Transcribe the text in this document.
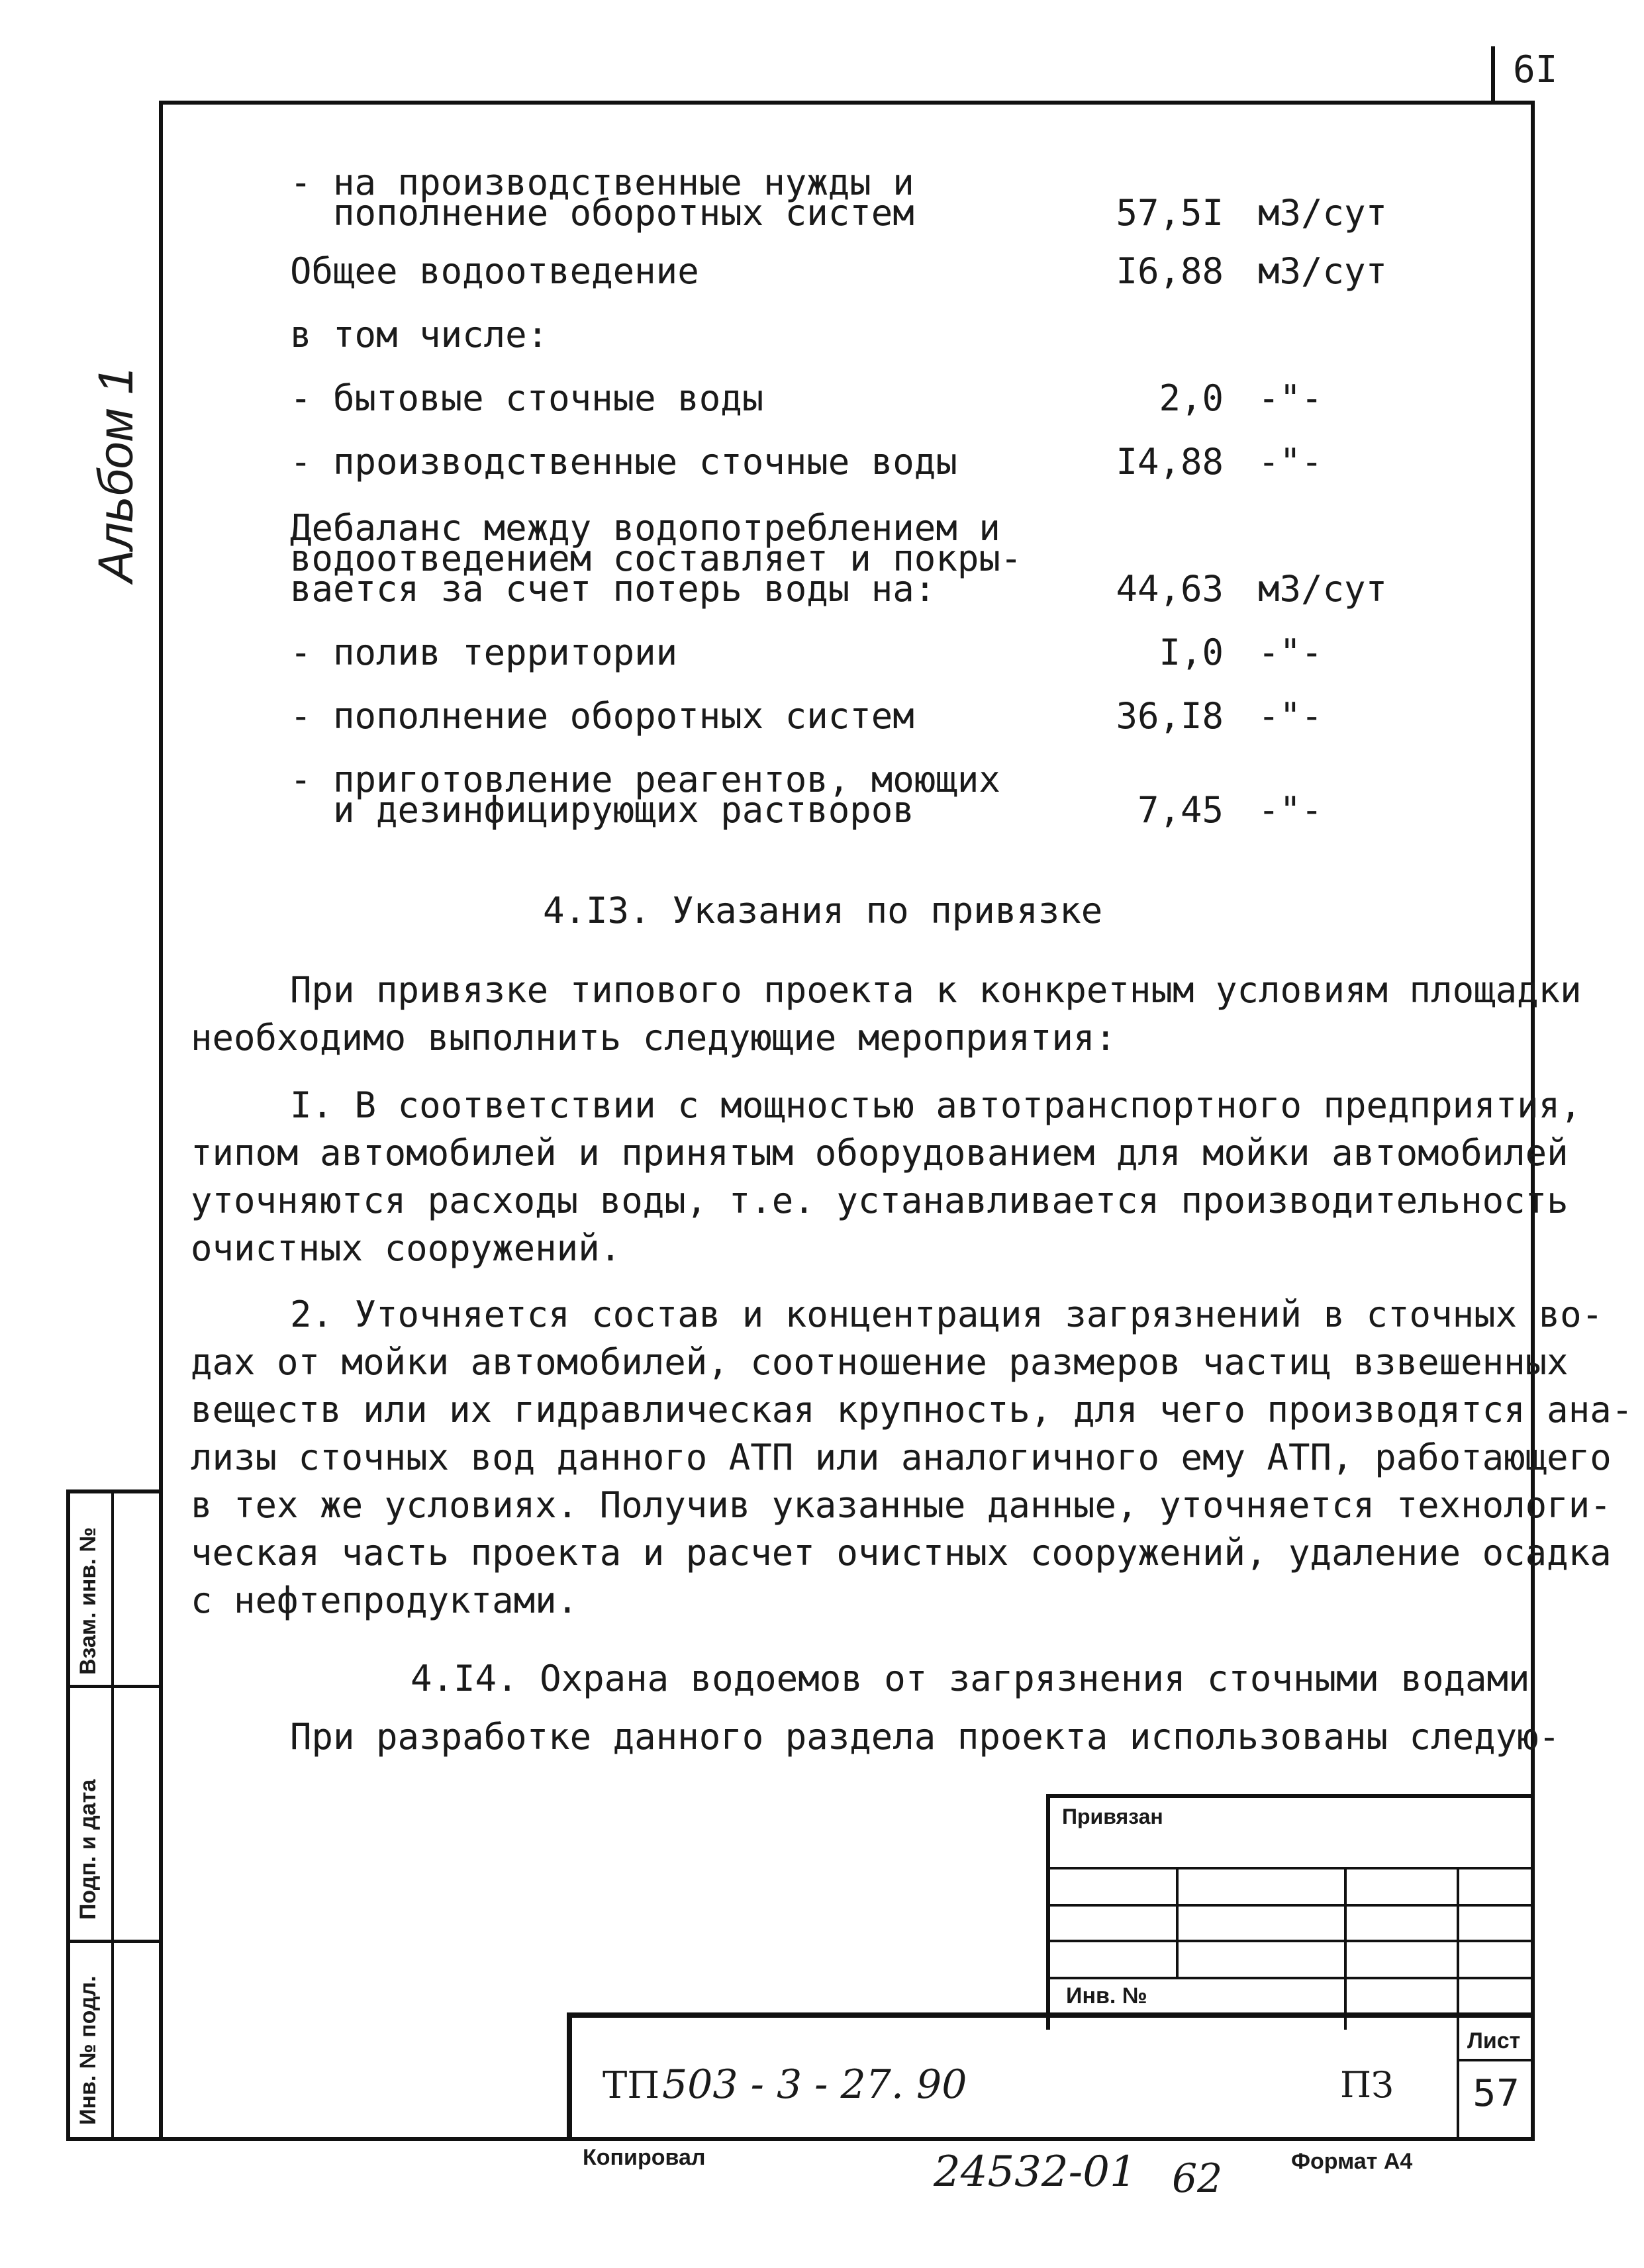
6I
Альбом 1
- на производственные нужды и
пополнение оборотных систем	57,5I м3/сут
Общее водоотведение	I6,88 м3/сут
в том числе:
- бытовые сточные воды	2,0 -"-
- производственные сточные воды	I4,88 -"-
Дебаланс между водопотреблением и
водоотведением составляет и покры-
вается за счет потерь воды на:	44,63 м3/сут
- полив территории	I,0 -"-
- пополнение оборотных систем	36,I8 -"-
- приготовление реагентов, моющих
и дезинфицирующих растворов	7,45 -"-
4.I3. Указания по привязке
При привязке типового проекта к конкретным условиям площадки
необходимо выполнить следующие мероприятия:
I. В соответствии с мощностью автотранспортного предприятия,
типом автомобилей и принятым оборудованием для мойки автомобилей
уточняются расходы воды, т.е. устанавливается производительность
очистных сооружений.
2. Уточняется состав и концентрация загрязнений в сточных во-
дах от мойки автомобилей, соотношение размеров частиц взвешенных
веществ или их гидравлическая крупность, для чего производятся ана-
лизы сточных вод данного АТП или аналогичного ему АТП, работающего
в тех же условиях. Получив указанные данные, уточняется технологи-
ческая часть проекта и расчет очистных сооружений, удаление осадка
с нефтепродуктами.
4.I4. Охрана водоемов от загрязнения сточными водами
При разработке данного раздела проекта использованы следую-
Взам. инв. №
Подп. и дата
Инв. № подл.
Привязан
Инв. №
ТП 503 - 3 - 27. 90	ПЗ
Лист
57
Копировал	24532-01 62	Формат А4
